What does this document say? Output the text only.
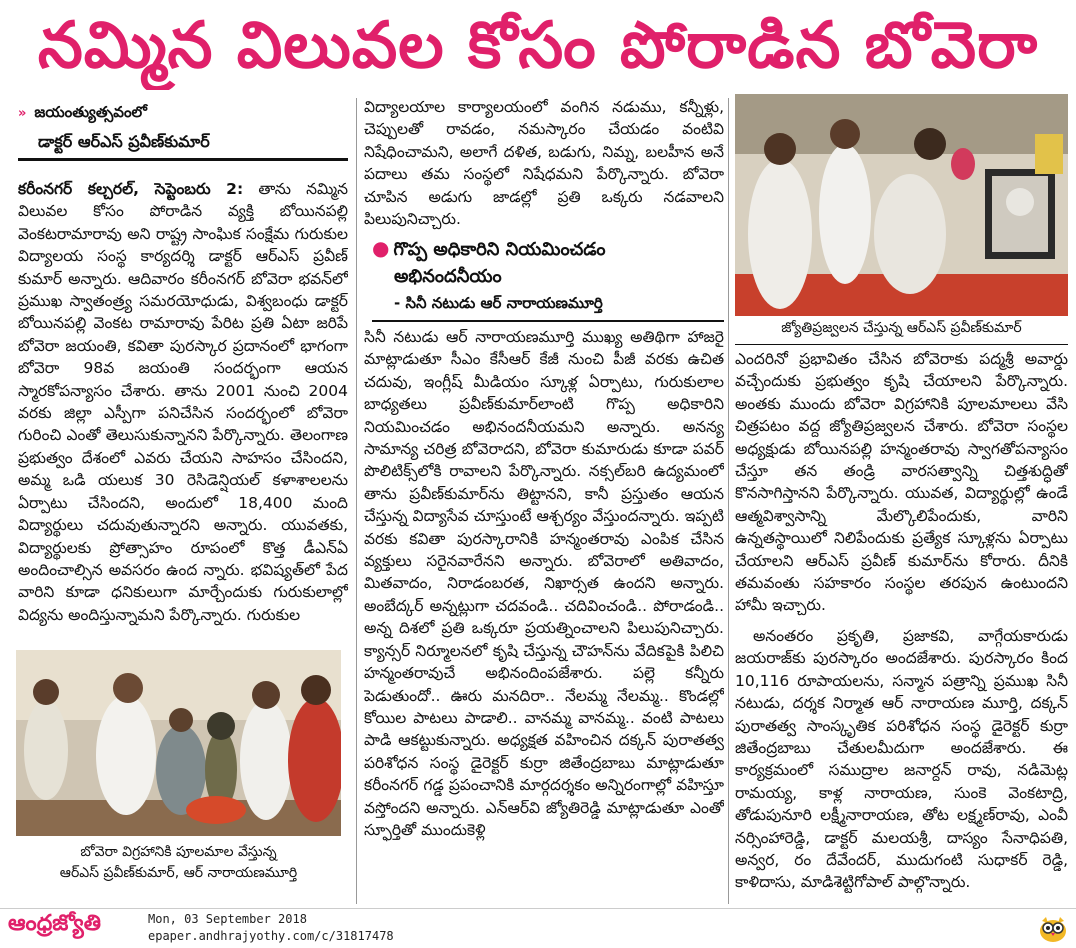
నమ్మిన విలువల కోసం పోరాడిన బోవెరా
» జయంత్యుత్సవంలో
డాక్టర్ ఆర్ఎస్ ప్రవీణ్‌కుమార్

కరీంనగర్ కల్చరల్, సెప్టెంబరు 2: తాను నమ్మిన విలువల కోసం పోరాడిన వ్యక్తి బోయినపల్లి వెంకటరామారావు అని రాష్ట్ర సాంఘిక సంక్షేమ గురుకుల విద్యాలయ సంస్థ కార్యదర్శి డాక్టర్ ఆర్ఎస్ ప్రవీణ్ కుమార్ అన్నారు. ఆదివారం కరీంనగర్ బోవెరా భవన్‌లో ప్రముఖ స్వాతంత్ర్య సమరయోధుడు, విశ్వబంధు డాక్టర్ బోయినపల్లి వెంకట రామారావు పేరిట ప్రతి ఏటా జరిపే బోవెరా జయంతి, కవితా పురస్కార ప్రదానంలో భాగంగా బోవెరా 98వ జయంతి సందర్భంగా ఆయన స్మారకోపన్యాసం చేశారు. తాను 2001 నుంచి 2004 వరకు జిల్లా ఎస్పీగా పనిచేసిన సందర్భంలో బోవెరా గురించి ఎంతో తెలుసుకున్నానని పేర్కొన్నారు. తెలంగాణ ప్రభుత్వం దేశంలో ఎవరు చేయని సాహసం చేసిందని, అమ్మ ఒడి యలుక 30 రెసిడెన్షియల్ కళాశాలలను ఏర్పాటు చేసిందని, అందులో 18,400 మంది విద్యార్థులు చదువుతున్నారని అన్నారు. యువతకు, విద్యార్థులకు ప్రోత్సాహం రూపంలో కొత్త డీఎన్ఏ అందించాల్సిన అవసరం ఉంద న్నారు. భవిష్యత్‌లో పేద వారిని కూడా ధనికులుగా మార్చేందుకు గురుకులాల్లో విద్యను అందిస్తున్నామని పేర్కొన్నారు. గురుకుల

బోవెరా విగ్రహానికి పూలమాల వేస్తున్న
ఆర్ఎస్ ప్రవీణ్‌కుమార్, ఆర్ నారాయణమూర్తి

విద్యాలయాల కార్యాలయంలో వంగిన నడుము, కన్నీళ్లు, చెప్పులతో రావడం, నమస్కారం చేయడం వంటివి నిషేధించామని, అలాగే దళిత, బడుగు, నిమ్న, బలహీన అనే పదాలు తమ సంస్థలో నిషేధమని పేర్కొన్నారు. బోవెరా చూపిన అడుగు జాడల్లో ప్రతి ఒక్కరు నడవాలని పిలుపునిచ్చారు.

● గొప్ప అధికారిని నియమించడం
అభినందనీయం
- సినీ నటుడు ఆర్ నారాయణమూర్తి

సినీ నటుడు ఆర్ నారాయణమూర్తి ముఖ్య అతిథిగా హాజరై మాట్లాడుతూ సీఎం కేసీఆర్ కేజీ నుంచి పీజీ వరకు ఉచిత చదువు, ఇంగ్లీష్ మీడియం స్కూళ్ల ఏర్పాటు, గురుకులాల బాధ్యతలు ప్రవీణ్‌కుమార్‌లాంటి గొప్ప అధికారిని నియమించడం అభినందనీయమని అన్నారు. అనన్య సామాన్య చరిత్ర బోవెరాదని, బోవెరా కుమారుడు కూడా పవర్ పొలిటిక్స్‌లోకి రావాలని పేర్కొన్నారు. నక్సల్‌బరి ఉద్యమంలో తాను ప్రవీణ్‌కుమార్‌ను తిట్టానని, కానీ ప్రస్తుతం ఆయన చేస్తున్న విద్యాసేవ చూస్తుంటే ఆశ్చర్యం వేస్తుందన్నారు. ఇప్పటి వరకు కవితా పురస్కారానికి హన్మంతరావు ఎంపిక చేసిన వ్యక్తులు సరైనవారేనని అన్నారు. బోవెరాలో అతివాదం, మితవాదం, నిరాడంబరత, నిఖార్సత ఉందని అన్నారు. అంబేద్కర్ అన్నట్లుగా చదవండి.. చదివించండి.. పోరాడండి.. అన్న దిశలో ప్రతి ఒక్కరూ ప్రయత్నించాలని పిలుపునిచ్చారు. క్యాన్సర్ నిర్మూలనలో కృషి చేస్తున్న చౌహన్‌ను వేదికపైకి పిలిచి హన్మంతరావుచే అభినందింపజేశారు. పల్లె కన్నీరు పెడుతుందో.. ఊరు మనదిరా.. నేలమ్మ నేలమ్మ.. కొండల్లో కోయిల పాటలు పాడాలి.. వానమ్మ వానమ్మ.. వంటి పాటలు పాడి ఆకట్టుకున్నారు. అధ్యక్షత వహించిన దక్కన్ పురాతత్వ పరిశోధన సంస్థ డైరెక్టర్ కుర్రా జితేంద్రబాబు మాట్లాడుతూ కరీంనగర్ గడ్డ ప్రపంచానికి మార్గదర్శకం అన్నిరంగాల్లో వహిస్తూ వస్తోందని అన్నారు. ఎన్ఆర్‌వి జ్యోతిరెడ్డి మాట్లాడుతూ ఎంతో స్ఫూర్తితో ముందుకెళ్లి

జ్యోతిప్రజ్వలన చేస్తున్న ఆర్ఎస్ ప్రవీణ్‌కుమార్

ఎందరినో ప్రభావితం చేసిన బోవెరాకు పద్మశ్రీ అవార్డు వచ్చేందుకు ప్రభుత్వం కృషి చేయాలని పేర్కొన్నారు. అంతకు ముందు బోవెరా విగ్రహానికి పూలమాలలు వేసి చిత్రపటం వద్ద జ్యోతిప్రజ్వలన చేశారు. బోవెరా సంస్థల అధ్యక్షుడు బోయినపల్లి హన్మంతరావు స్వాగతోపన్యాసం చేస్తూ తన తండ్రి వారసత్వాన్ని చిత్తశుద్ధితో కొనసాగిస్తానని పేర్కొన్నారు. యువత, విద్యార్థుల్లో ఉండే ఆత్మవిశ్వాసాన్ని మేల్కొలిపేందుకు, వారిని ఉన్నతస్థాయిలో నిలిపేందుకు ప్రత్యేక స్కూళ్లను ఏర్పాటు చేయాలని ఆర్ఎస్ ప్రవీణ్ కుమార్‌ను కోరారు. దీనికి తమవంతు సహకారం సంస్థల తరపున ఉంటుందని హామీ ఇచ్చారు.

అనంతరం ప్రకృతి, ప్రజాకవి, వాగ్గేయకారుడు జయరాజ్‌కు పురస్కారం అందజేశారు. పురస్కారం కింద 10,116 రూపాయలను, సన్మాన పత్రాన్ని ప్రముఖ సినీ నటుడు, దర్శక నిర్మాత ఆర్ నారాయణ మూర్తి, దక్కన్ పురాతత్వ సాంస్కృతిక పరిశోధన సంస్థ డైరెక్టర్ కుర్రా జితేంద్రబాబు చేతులమీదుగా అందజేశారు. ఈ కార్యక్రమంలో సముద్రాల జనార్దన్ రావు, నడిమెట్ల రామయ్య, కాళ్ల నారాయణ, సుంకె వెంకటాద్రి, తోడుపునూరి లక్ష్మీనారాయణ, తోట లక్ష్మణ్‌రావు, ఎంవీ నర్సింహారెడ్డి, డాక్టర్ మలయశ్రీ, దాస్యం సేనాధిపతి, అన్వర, రం దేవేందర్, ముదుగంటి సుధాకర్ రెడ్డి, కాళిదాసు, మాడిశెట్టిగోపాల్ పాల్గొన్నారు.

ఆంధ్రజ్యోతి	Mon, 03 September 2018
epaper.andhrajyothy.com/c/31817478
